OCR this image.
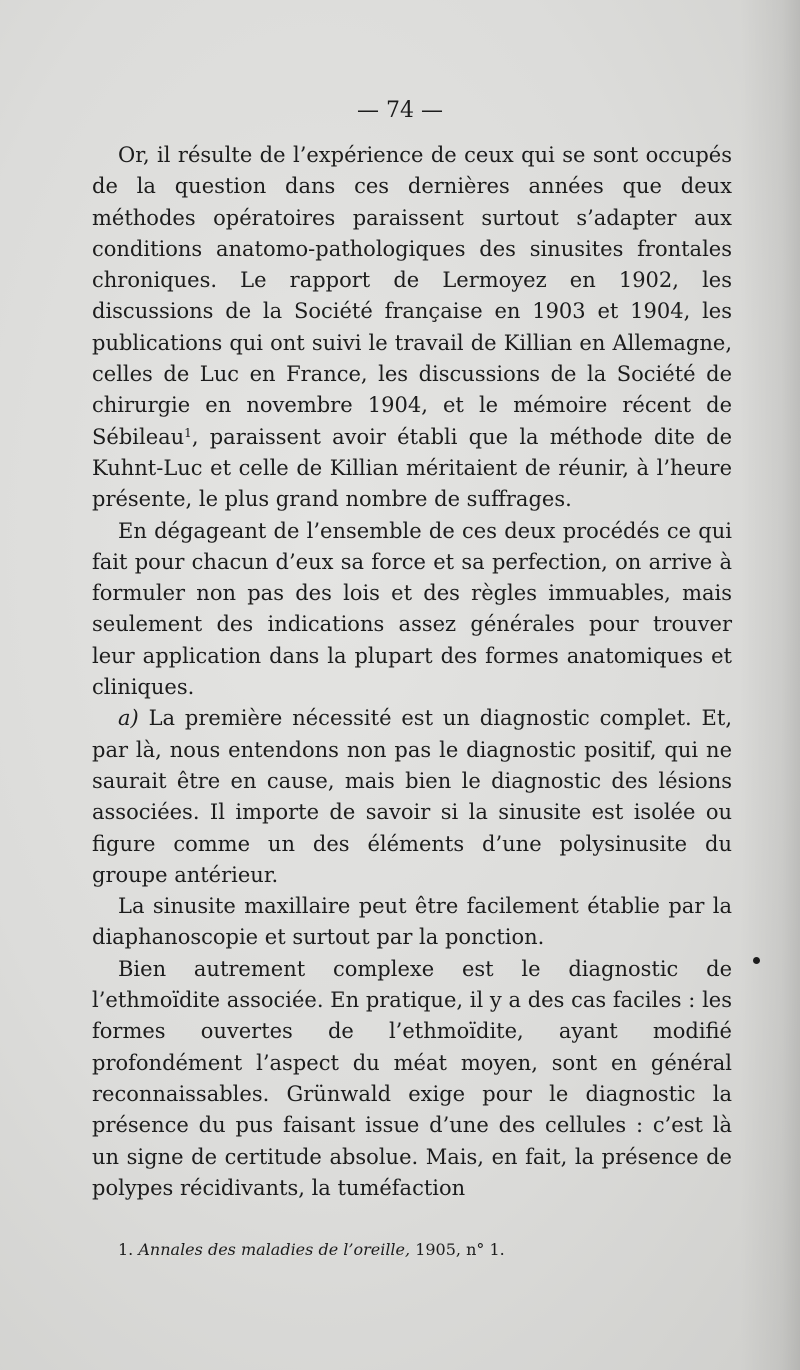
— 74 —

Or, il résulte de l’expérience de ceux qui se sont occupés de la question dans ces dernières années que deux méthodes opératoires paraissent surtout s’adapter aux conditions anatomo-pathologiques des sinusites frontales chroniques. Le rapport de Lermoyez en 1902, les discussions de la Société française en 1903 et 1904, les publications qui ont suivi le travail de Killian en Allemagne, celles de Luc en France, les discussions de la Société de chirurgie en novembre 1904, et le mémoire récent de Sébileau$^1$, paraissent avoir établi que la méthode dite de Kuhnt-Luc et celle de Killian méritaient de réunir, à l’heure présente, le plus grand nombre de suffrages.

En dégageant de l’ensemble de ces deux procédés ce qui fait pour chacun d’eux sa force et sa perfection, on arrive à formuler non pas des lois et des règles immuables, mais seulement des indications assez générales pour trouver leur application dans la plupart des formes anatomiques et cliniques.

a) La première nécessité est un diagnostic complet. Et, par là, nous entendons non pas le diagnostic positif, qui ne saurait être en cause, mais bien le diagnostic des lésions associées. Il importe de savoir si la sinusite est isolée ou figure comme un des éléments d’une polysinusite du groupe antérieur.

La sinusite maxillaire peut être facilement établie par la diaphanoscopie et surtout par la ponction.

Bien autrement complexe est le diagnostic de l’ethmoïdite associée. En pratique, il y a des cas faciles : les formes ouvertes de l’ethmoïdite, ayant modifié profondément l’aspect du méat moyen, sont en général reconnaissables. Grünwald exige pour le diagnostic la présence du pus faisant issue d’une des cellules : c’est là un signe de certitude absolue. Mais, en fait, la présence de polypes récidivants, la tuméfaction

1. Annales des maladies de l’oreille, 1905, n° 1.
